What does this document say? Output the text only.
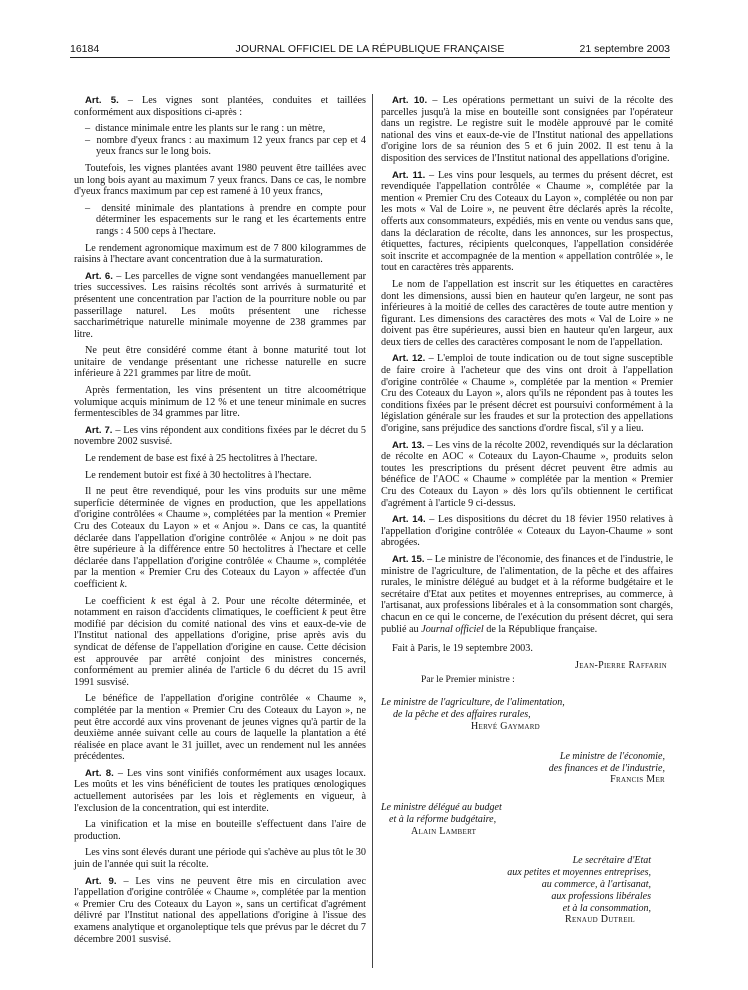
16184	JOURNAL OFFICIEL DE LA RÉPUBLIQUE FRANÇAISE	21 septembre 2003

Art. 5. – Les vignes sont plantées, conduites et taillées conformément aux dispositions ci-après :

–  distance minimale entre les plants sur le rang : un mètre,
–  nombre d'yeux francs : au maximum 12 yeux francs par cep et 4 yeux francs sur le long bois.

Toutefois, les vignes plantées avant 1980 peuvent être taillées avec un long bois ayant au maximum 7 yeux francs. Dans ce cas, le nombre d'yeux francs maximum par cep est ramené à 10 yeux francs,

–  densité minimale des plantations à prendre en compte pour déterminer les espacements sur le rang et les écartements entre rangs : 4 500 ceps à l'hectare.

Le rendement agronomique maximum est de 7 800 kilogrammes de raisins à l'hectare avant concentration due à la surmaturation.

Art. 6. – Les parcelles de vigne sont vendangées manuellement par tries successives. Les raisins récoltés sont arrivés à surmaturité et présentent une concentration par l'action de la pourriture noble ou par passerillage naturel. Les moûts présentent une richesse saccharimétrique naturelle minimale moyenne de 238 grammes par litre.

Ne peut être considéré comme étant à bonne maturité tout lot unitaire de vendange présentant une richesse naturelle en sucre inférieure à 221 grammes par litre de moût.

Après fermentation, les vins présentent un titre alcoométrique volumique acquis minimum de 12 % et une teneur minimale en sucres fermentescibles de 34 grammes par litre.

Art. 7. – Les vins répondent aux conditions fixées par le décret du 5 novembre 2002 susvisé.

Le rendement de base est fixé à 25 hectolitres à l'hectare.

Le rendement butoir est fixé à 30 hectolitres à l'hectare.

Il ne peut être revendiqué, pour les vins produits sur une même superficie déterminée de vignes en production, que les appellations d'origine contrôlées « Chaume », complétées par la mention « Premier Cru des Coteaux du Layon » et « Anjou ». Dans ce cas, la quantité déclarée dans l'appellation d'origine contrôlée « Anjou » ne doit pas être supérieure à la différence entre 50 hectolitres à l'hectare et celle déclarée dans l'appellation d'origine contrôlée « Chaume », complétée par la mention « Premier Cru des Coteaux du Layon » affectée d'un coefficient k.

Le coefficient k est égal à 2. Pour une récolte déterminée, et notamment en raison d'accidents climatiques, le coefficient k peut être modifié par décision du comité national des vins et eaux-de-vie de l'Institut national des appellations d'origine, prise après avis du syndicat de défense de l'appellation d'origine en cause. Cette décision est approuvée par arrêté conjoint des ministres concernés, conformément au premier alinéa de l'article 6 du décret du 15 avril 1991 susvisé.

Le bénéfice de l'appellation d'origine contrôlée « Chaume », complétée par la mention « Premier Cru des Coteaux du Layon », ne peut être accordé aux vins provenant de jeunes vignes qu'à partir de la deuxième année suivant celle au cours de laquelle la plantation a été réalisée en place avant le 31 juillet, avec un rendement nul les années précédentes.

Art. 8. – Les vins sont vinifiés conformément aux usages locaux. Les moûts et les vins bénéficient de toutes les pratiques œnologiques actuellement autorisées par les lois et règlements en vigueur, à l'exclusion de la concentration, qui est interdite.

La vinification et la mise en bouteille s'effectuent dans l'aire de production.

Les vins sont élevés durant une période qui s'achève au plus tôt le 30 juin de l'année qui suit la récolte.

Art. 9. – Les vins ne peuvent être mis en circulation avec l'appellation d'origine contrôlée « Chaume », complétée par la mention « Premier Cru des Coteaux du Layon », sans un certificat d'agrément délivré par l'Institut national des appellations d'origine à l'issue des examens analytique et organoleptique tels que prévus par le décret du 7 décembre 2001 susvisé.

Art. 10. – Les opérations permettant un suivi de la récolte des parcelles jusqu'à la mise en bouteille sont consignées par l'opérateur dans un registre. Le registre suit le modèle approuvé par le comité national des vins et eaux-de-vie de l'Institut national des appellations d'origine lors de sa réunion des 5 et 6 juin 2002. Il est tenu à la disposition des services de l'Institut national des appellations d'origine.

Art. 11. – Les vins pour lesquels, au termes du présent décret, est revendiquée l'appellation contrôlée « Chaume », complétée par la mention « Premier Cru des Coteaux du Layon », complétée ou non par les mots « Val de Loire », ne peuvent être déclarés après la récolte, offerts aux consommateurs, expédiés, mis en vente ou vendus sans que, dans la déclaration de récolte, dans les annonces, sur les prospectus, étiquettes, factures, récipients quelconques, l'appellation considérée soit inscrite et accompagnée de la mention « appellation contrôlée », le tout en caractères très apparents.

Le nom de l'appellation est inscrit sur les étiquettes en caractères dont les dimensions, aussi bien en hauteur qu'en largeur, ne sont pas inférieures à la moitié de celles des caractères de toute autre mention y figurant. Les dimensions des caractères des mots « Val de Loire » ne doivent pas être supérieures, aussi bien en hauteur qu'en largeur, aux deux tiers de celles des caractères composant le nom de l'appellation.

Art. 12. – L'emploi de toute indication ou de tout signe susceptible de faire croire à l'acheteur que des vins ont droit à l'appellation d'origine contrôlée « Chaume », complétée par la mention « Premier Cru des Coteaux du Layon », alors qu'ils ne répondent pas à toutes les conditions fixées par le présent décret est poursuivi conformément à la législation générale sur les fraudes et sur la protection des appellations d'origine, sans préjudice des sanctions d'ordre fiscal, s'il y a lieu.

Art. 13. – Les vins de la récolte 2002, revendiqués sur la déclaration de récolte en AOC « Coteaux du Layon-Chaume », produits selon toutes les prescriptions du présent décret peuvent être admis au bénéfice de l'AOC « Chaume » complétée par la mention « Premier Cru des Coteaux du Layon » dès lors qu'ils obtiennent le certificat d'agrément à l'article 9 ci-dessus.

Art. 14. – Les dispositions du décret du 18 févier 1950 relatives à l'appellation d'origine contrôlée « Coteaux du Layon-Chaume » sont abrogées.

Art. 15. – Le ministre de l'économie, des finances et de l'industrie, le ministre de l'agriculture, de l'alimentation, de la pêche et des affaires rurales, le ministre délégué au budget et à la réforme budgétaire et le secrétaire d'Etat aux petites et moyennes entreprises, au commerce, à l'artisanat, aux professions libérales et à la consommation sont chargés, chacun en ce qui le concerne, de l'exécution du présent décret, qui sera publié au Journal officiel de la République française.

Fait à Paris, le 19 septembre 2003.

Jean-Pierre Raffarin
Par le Premier ministre :
Le ministre de l'agriculture, de l'alimentation,
de la pêche et des affaires rurales,
Hervé Gaymard
Le ministre de l'économie,
des finances et de l'industrie,
Francis Mer
Le ministre délégué au budget
et à la réforme budgétaire,
Alain Lambert
Le secrétaire d'Etat
aux petites et moyennes entreprises,
au commerce, à l'artisanat,
aux professions libérales
et à la consommation,
Renaud Dutreil
